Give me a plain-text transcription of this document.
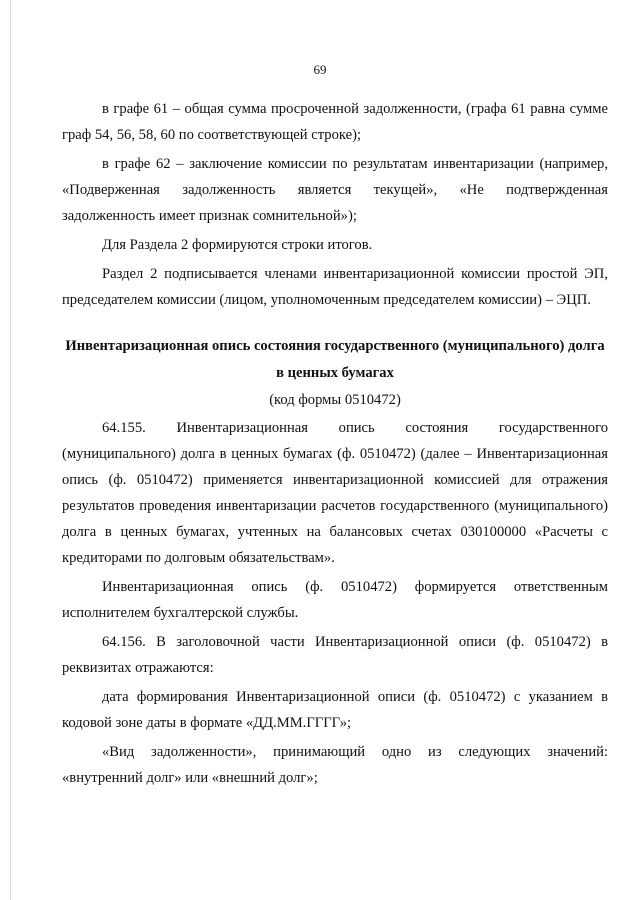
69

в графе 61 – общая сумма просроченной задолженности, (графа 61 равна сумме граф 54, 56, 58, 60 по соответствующей строке);

в графе 62 – заключение комиссии по результатам инвентаризации (например, «Подверженная задолженность является текущей», «Не подтвержденная задолженность имеет признак сомнительной»);

Для Раздела 2 формируются строки итогов.

Раздел 2 подписывается членами инвентаризационной комиссии простой ЭП, председателем комиссии (лицом, уполномоченным председателем комиссии) – ЭЦП.

Инвентаризационная опись состояния государственного (муниципального) долга в ценных бумагах
(код формы 0510472)

64.155. Инвентаризационная опись состояния государственного (муниципального) долга в ценных бумагах (ф. 0510472) (далее – Инвентаризационная опись (ф. 0510472) применяется инвентаризационной комиссией для отражения результатов проведения инвентаризации расчетов государственного (муниципального) долга в ценных бумагах, учтенных на балансовых счетах 030100000 «Расчеты с кредиторами по долговым обязательствам».

Инвентаризационная опись (ф. 0510472) формируется ответственным исполнителем бухгалтерской службы.

64.156. В заголовочной части Инвентаризационной описи (ф. 0510472) в реквизитах отражаются:

дата формирования Инвентаризационной описи (ф. 0510472) с указанием в кодовой зоне даты в формате «ДД.ММ.ГГГГ»;

«Вид задолженности», принимающий одно из следующих значений: «внутренний долг» или «внешний долг»;
